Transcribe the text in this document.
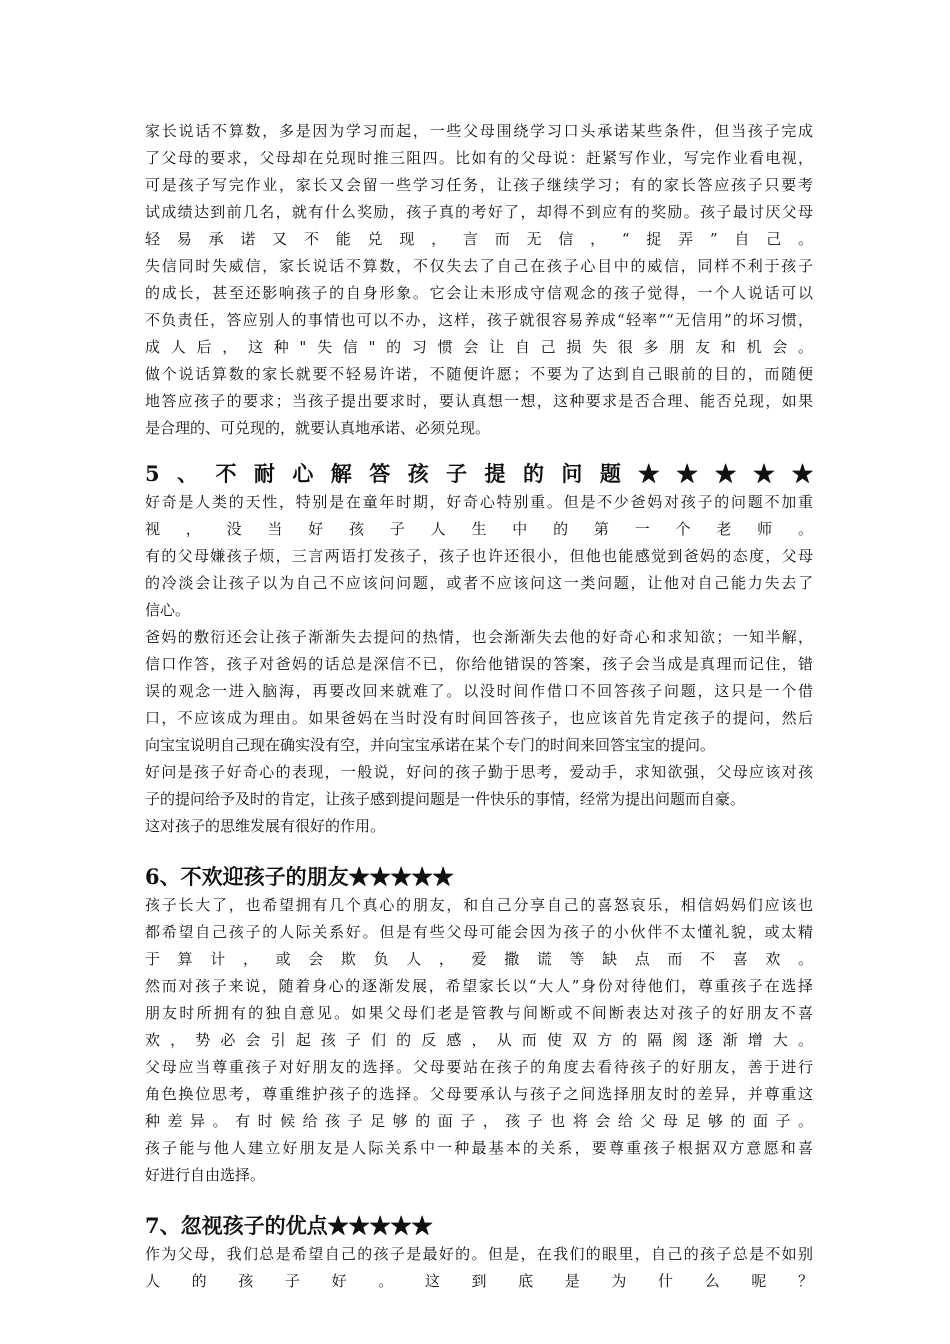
家长说话不算数，多是因为学习而起，一些父母围绕学习口头承诺某些条件，但当孩子完成

了父母的要求，父母却在兑现时推三阻四。比如有的父母说：赶紧写作业，写完作业看电视，

可是孩子写完作业，家长又会留一些学习任务，让孩子继续学习；有的家长答应孩子只要考

试成绩达到前几名，就有什么奖励，孩子真的考好了，却得不到应有的奖励。孩子最讨厌父母

轻易承诺又不能兑现，言而无信，“捉弄”自己。

失信同时失威信，家长说话不算数，不仅失去了自己在孩子心目中的威信，同样不利于孩子

的成长，甚至还影响孩子的自身形象。它会让未形成守信观念的孩子觉得，一个人说话可以

不负责任，答应别人的事情也可以不办，这样，孩子就很容易养成“轻率”“无信用”的坏习惯，

成人后，这种"失信"的习惯会让自己损失很多朋友和机会。

做个说话算数的家长就要不轻易许诺，不随便许愿；不要为了达到自己眼前的目的，而随便

地答应孩子的要求；当孩子提出要求时，要认真想一想，这种要求是否合理、能否兑现，如果

是合理的、可兑现的，就要认真地承诺、必须兑现。

5、不耐心解答孩子提的问题★★★★★

好奇是人类的天性，特别是在童年时期，好奇心特别重。但是不少爸妈对孩子的问题不加重

视，没当好孩子人生中的第一个老师。

有的父母嫌孩子烦，三言两语打发孩子，孩子也许还很小，但他也能感觉到爸妈的态度，父母

的冷淡会让孩子以为自己不应该问问题，或者不应该问这一类问题，让他对自己能力失去了

信心。

爸妈的敷衍还会让孩子渐渐失去提问的热情，也会渐渐失去他的好奇心和求知欲；一知半解，

信口作答，孩子对爸妈的话总是深信不已，你给他错误的答案，孩子会当成是真理而记住，错

误的观念一进入脑海，再要改回来就难了。以没时间作借口不回答孩子问题，这只是一个借

口，不应该成为理由。如果爸妈在当时没有时间回答孩子，也应该首先肯定孩子的提问，然后

向宝宝说明自己现在确实没有空，并向宝宝承诺在某个专门的时间来回答宝宝的提问。

好问是孩子好奇心的表现，一般说，好问的孩子勤于思考，爱动手，求知欲强，父母应该对孩

子的提问给予及时的肯定，让孩子感到提问题是一件快乐的事情，经常为提出问题而自豪。

这对孩子的思维发展有很好的作用。

6、不欢迎孩子的朋友★★★★★

孩子长大了，也希望拥有几个真心的朋友，和自己分享自己的喜怒哀乐，相信妈妈们应该也

都希望自己孩子的人际关系好。但是有些父母可能会因为孩子的小伙伴不太懂礼貌，或太精

于算计，或会欺负人，爱撒谎等缺点而不喜欢。

然而对孩子来说，随着身心的逐渐发展，希望家长以“大人”身份对待他们，尊重孩子在选择

朋友时所拥有的独自意见。如果父母们老是管教与间断或不间断表达对孩子的好朋友不喜

欢，势必会引起孩子们的反感，从而使双方的隔阂逐渐增大。

父母应当尊重孩子对好朋友的选择。父母要站在孩子的角度去看待孩子的好朋友，善于进行

角色换位思考，尊重维护孩子的选择。父母要承认与孩子之间选择朋友时的差异，并尊重这

种差异。有时候给孩子足够的面子，孩子也将会给父母足够的面子。

孩子能与他人建立好朋友是人际关系中一种最基本的关系，要尊重孩子根据双方意愿和喜

好进行自由选择。

7、忽视孩子的优点★★★★★

作为父母，我们总是希望自己的孩子是最好的。但是，在我们的眼里，自己的孩子总是不如别

人的孩子好。这到底是为什么呢？
